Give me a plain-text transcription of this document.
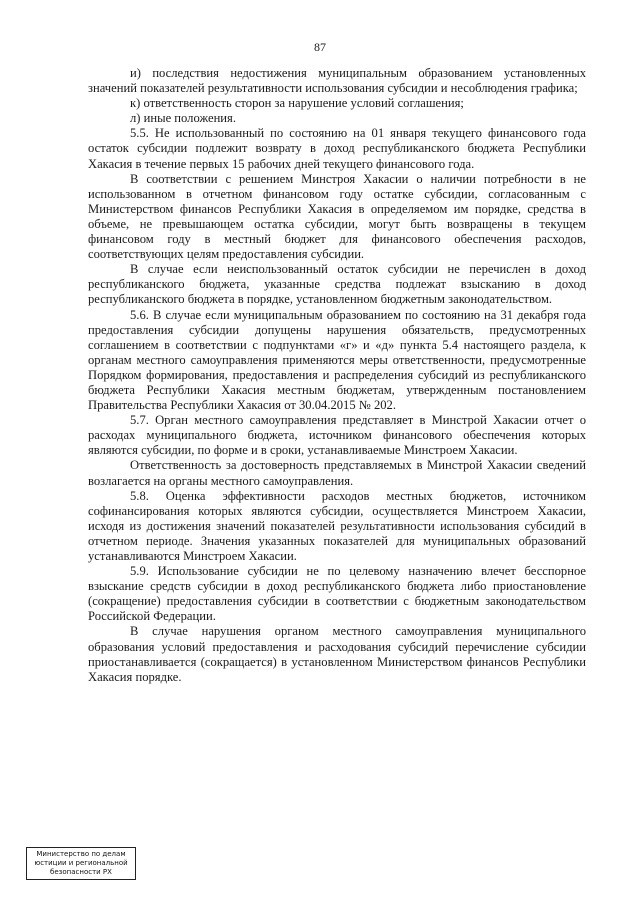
87

и) последствия недостижения муниципальным образованием установленных значений показателей результативности использования субсидии и несоблюдения графика;

к) ответственность сторон за нарушение условий соглашения;

л) иные положения.

5.5. Не использованный по состоянию на 01 января текущего финансового года остаток субсидии подлежит возврату в доход республиканского бюджета Республики Хакасия в течение первых 15 рабочих дней текущего финансового года.

В соответствии с решением Минстроя Хакасии о наличии потребности в не использованном в отчетном финансовом году остатке субсидии, согласованным с Министерством финансов Республики Хакасия в определяемом им порядке, средства в объеме, не превышающем остатка субсидии, могут быть возвращены в текущем финансовом году в местный бюджет для финансового обеспечения расходов, соответствующих целям предоставления субсидии.

В случае если неиспользованный остаток субсидии не перечислен в доход республиканского бюджета, указанные средства подлежат взысканию в доход республиканского бюджета в порядке, установленном бюджетным законодательством.

5.6. В случае если муниципальным образованием по состоянию на 31 декабря года предоставления субсидии допущены нарушения обязательств, предусмотренных соглашением в соответствии с подпунктами «г» и «д» пункта 5.4 настоящего раздела, к органам местного самоуправления применяются меры ответственности, предусмотренные Порядком формирования, предоставления и распределения субсидий из республиканского бюджета Республики Хакасия местным бюджетам, утвержденным постановлением Правительства Республики Хакасия от 30.04.2015 № 202.

5.7. Орган местного самоуправления представляет в Минстрой Хакасии отчет о расходах муниципального бюджета, источником финансового обеспечения которых являются субсидии, по форме и в сроки, устанавливаемые Минстроем Хакасии.

Ответственность за достоверность представляемых в Минстрой Хакасии сведений возлагается на органы местного самоуправления.

5.8. Оценка эффективности расходов местных бюджетов, источником софинансирования которых являются субсидии, осуществляется Минстроем Хакасии, исходя из достижения значений показателей результативности использования субсидий в отчетном периоде. Значения указанных показателей для муниципальных образований устанавливаются Минстроем Хакасии.

5.9. Использование субсидии не по целевому назначению влечет бесспорное взыскание средств субсидии в доход республиканского бюджета либо приостановление (сокращение) предоставления субсидии в соответствии с бюджетным законодательством Российской Федерации.

В случае нарушения органом местного самоуправления муниципального образования условий предоставления и расходования субсидий перечисление субсидии приостанавливается (сокращается) в установленном Министерством финансов Республики Хакасия порядке.

Министерство по делам
юстиции и региональной
безопасности РХ
